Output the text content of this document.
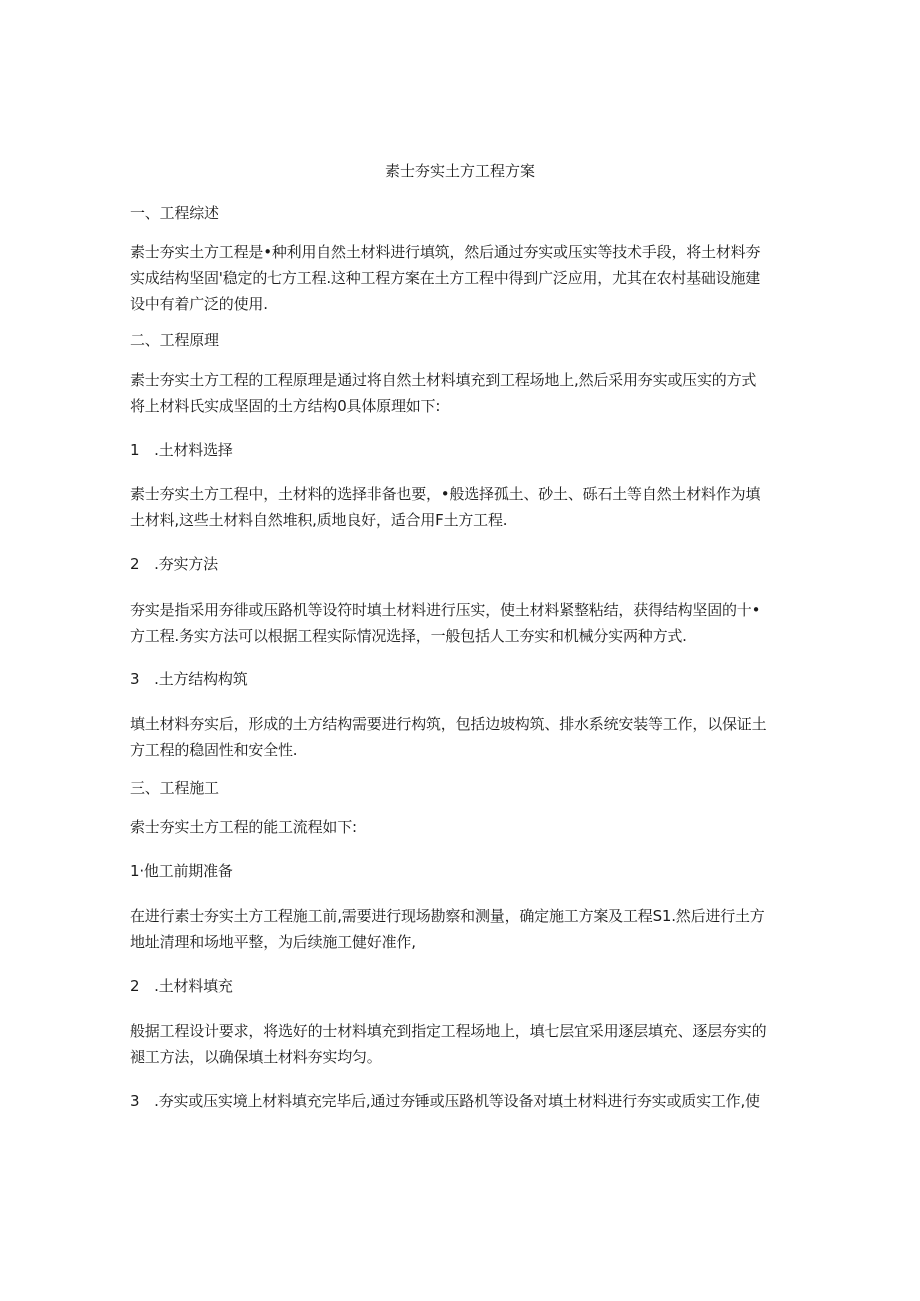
素士夯实土方工程方案
一、工程综述
素士夯实土方工程是•种利用自然土材料进行填筑，然后通过夯实或压实等技术手段，将土材料夯
实成结构坚固'稳定的七方工程.这种工程方案在土方工程中得到广泛应用，尤其在农村基础设施建
设中有着广泛的使用.
二、工程原理
素士夯实土方工程的工程原理是通过将自然土材料填充到工程场地上,然后采用夯实或压实的方式
将上材料氏实成坚固的土方结构0具体原理如下:
1　.土材料选择
素士夯实土方工程中，土材料的选择非备也要，•般选择孤土、砂土、砾石土等自然土材料作为填
土材料,这些土材料自然堆积,质地良好，适合用F土方工程.
2　.夯实方法
夯实是指采用夯徘或压路机等设符时填土材料进行压实，使土材料紧整粘结，获得结构坚固的十•
方工程.务实方法可以根据工程实际情况选择，一般包括人工夯实和机械分实两种方式.
3　.土方结构构筑
填土材料夯实后，形成的土方结构需要进行构筑，包括边坡构筑、排水系统安装等工作，以保证土
方工程的稳固性和安全性.
三、工程施工
索士夯实土方工程的能工流程如下:
1·他工前期准备
在进行素士夯实土方工程施工前,需要进行现场勘察和测量，确定施工方案及工程S1.然后进行土方
地址清理和场地平整，为后续施工健好准作,
2　.土材料填充
般据工程设计要求，将选好的士材料填充到指定工程场地上，填七层宜采用逐层填充、逐层夯实的
褪工方法，以确保填土材料夯实均匀。
3　.夯实或压实境上材料填充完毕后,通过夯锤或压路机等设备对填土材料进行夯实或质实工作,使
